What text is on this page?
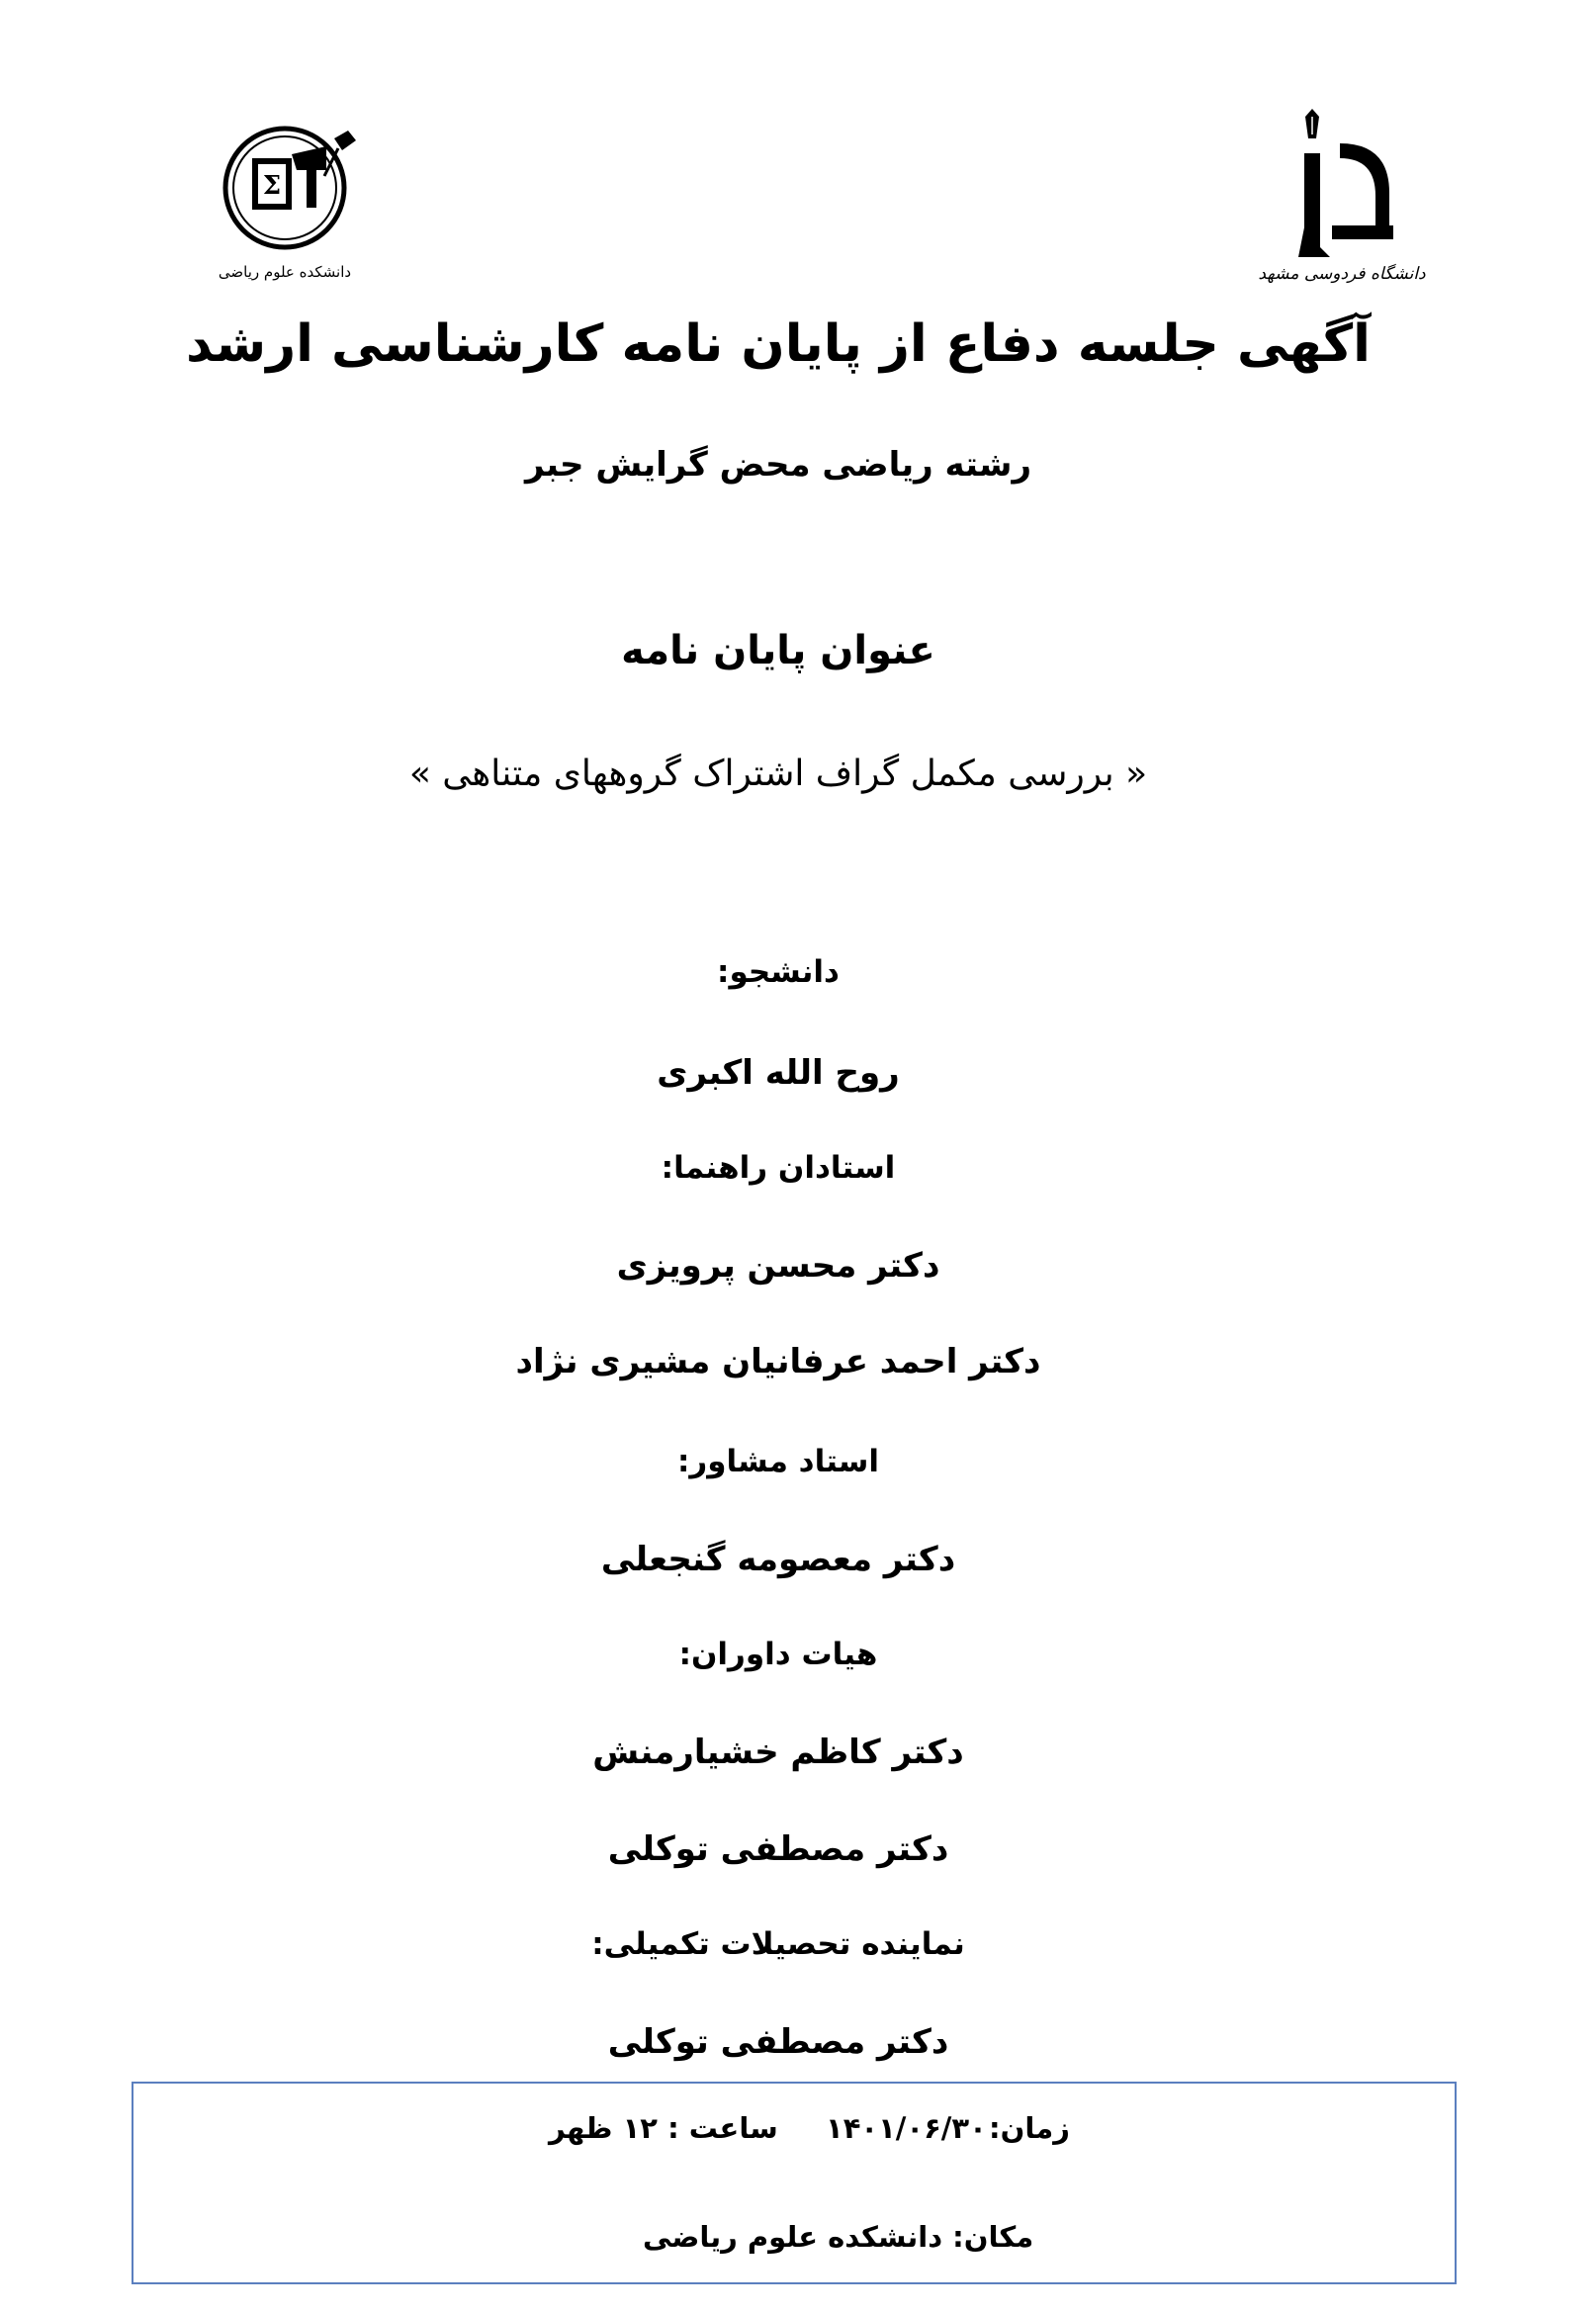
Σ
دانشکده علوم ریاضی	دانشگاه فردوسی مشهد
آگهی جلسه دفاع از پایان نامه کارشناسی ارشد
رشته ریاضی محض گرایش جبر
عنوان پایان نامه
« بررسی مکمل گراف اشتراک گروههای متناهی »
دانشجو:
روح الله اکبری
استادان راهنما:
دکتر محسن پرویزی
دکتر احمد عرفانیان مشیری نژاد
استاد مشاور:
دکتر معصومه گنجعلی
هیات داوران:
دکتر کاظم خشیارمنش
دکتر مصطفی توکلی
نماینده تحصیلات تکمیلی:
دکتر مصطفی توکلی
زمان:
۱۴۰۱/۰۶/۳۰
ساعت : ۱۲ ظهر
مکان: دانشکده علوم ریاضی
